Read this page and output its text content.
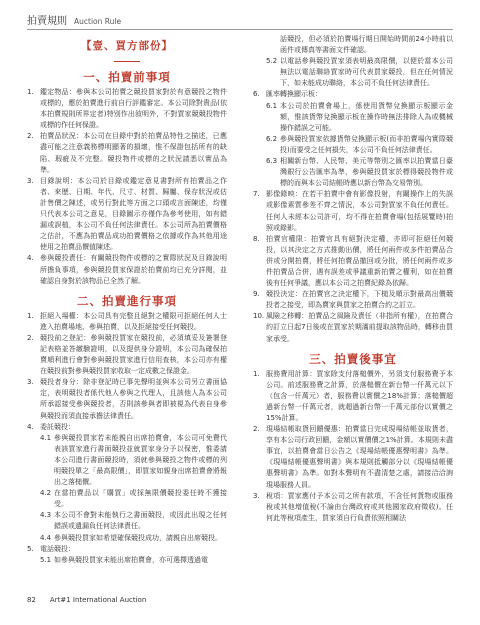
拍賣規則 Auction Rule
【壹、買方部份】

一、拍賣前事項
1. 鑑定物品：參與本公司拍賣之競投買家對於有意競投之物件或標的，應於拍賣進行前自行評鑑審定。本公司除對貴品(依本拍賣規則所界定者)特別作出敘明外，不對買家競競投物件或標的作任何保證。
2. 拍賣品狀況：本公司在目錄中對於拍賣品特性之描述，已應盡可能之注意義務標明顯著的損壞，惟不保證包括所有的缺陷、瑕疵及不完整。競投物件或標的之狀況請悉以實品為準。
3. 目錄說明：本公司於目錄或鑑定意見書對所有拍賣品之作者、來歷、日期、年代、尺寸、材質、歸屬、保存狀況或估計售價之陳述，或另行對此等方面之口頭或言面陳述，均僅只代表本公司之意見，目錄圖示亦僅作為參考使用，如有錯漏或誤植，本公司不負任何法律責任。本公司所為拍賣價格之估計，不應為拍賣品成功拍賣價格之依據或作為其他用途使用之拍賣品價值陳述。
4. 參與競投責任：有關競投物件或標的之實際狀況及目錄說明所擔負事項，參與競投買家保證於拍賣前均已充分詳閱，並確認自身對於該物品已全然了解。
二、拍賣進行事項
1. 拒絕入場權：本公司具有完整且絕對之權限可拒絕任何人士進入拍賣場地、參與拍賣，以及拒絕接受任何競投。
2. 競投前之登記：參與競投買家在競投前，必須填妥及簽署登記表格並答繳驗證明，以及提供身分證明，本公司為確保拍賣順利進行會對參與競投買家進行信用查核，本公司亦有權在競投前對參與競投買家收取一定成數之保證金。
3. 競投者身分：除非登記時已事先聲明並與本公司另立書面協定，表明競投者係代他人參與之代理人，且該他人為本公司所承認接受參與競投者，否則該參與者即被視為代表自身參與競投而須直接承擔法律責任。
4. 委託競投：
4.1 參與競投買家若未能親自出席拍賣會，本公司可免費代表該買家進行書面競投並就買家身分予以保密，惟委請本公司進行書面競投時，須就參與競投之物件或標的列明競投單之「最高限價」，即買家如親身出席拍賣會將報出之落槌價。
4.2 在當拍賣品以「購買」或採無限價競投委任時不獲接受。
4.3 本公司不會對未能執行之書面競投，或因此出現之任何錯誤或遺漏負任何法律責任。
4.4 參與競投買家如希望確保競投成功，請親自出席競投。
5. 電話競投：
5.1 如參與競投買家未能出席拍賣會，亦可選擇透過電
話競投，但必須於拍賣場行期日開始時間前24小時前以函件或傳真等書面文件確認。
5.2 以電話參與競投買家須表明最高限價，以便於當本公司無法以電話聯絡買家時可代表買家競投，但在任何情況下，如未能成功聯絡，本公司不負任何法律責任。
6. 匯率轉換顯示板：
6.1 本公司於拍賣會場上，係使用貨幣兌換顯示板顯示金額，惟該貨幣兌換顯示板在操作時無法排除人為或機械操作錯誤之可能。
6.2 參與競投買家依據貨幣兌換顯示板(而非拍賣場內實際競投)而要受之任何損失，本公司不負任何法律責任。
6.3 相關新台幣、人民幣、美元等幣別之匯率以拍賣當日臺灣銀行公告匯率為準，參與競投買家於標得競投物件或標的而與本公司結帳時應以新台幣為交易幣別。
7. 影像錄映：在若干拍賣中會有影像投射，有關操作上的失誤或影像素質參差不齊之情況，本公司對買家不負任何責任。任何人未經本公司許可，均不得在拍賣會場(包括展覽時)拍照或錄影。
8. 拍賣官權限：拍賣官具有絕對決定權，亦即可拒絕任何競投，以其決定之方式推動出價，將任何兩件或多件拍賣品合併或分開拍賣，將任何拍賣品撤回或分批，將任何兩件或多件拍賣品合併，遇有誤差或爭議重新拍賣之權利，如在拍賣後有任何爭議，應以本公司之拍賣紀錄為依歸。
9. 競投決定：在拍賣官之決定權下，下槌及順示對最高出價競投者之接受，即為賣家與買家之拍賣合約之訂立。
10. 風險之移轉：拍賣品之風險及責任（非指所有權），在拍賣合約訂立日起7日後或在買家於期滿前提取該物品時，轉移由買家承受。
三、拍賣後事宜
1. 服務費用計算：買家除支付落槌價外，另須支付服務費予本公司。前述服務費之計算，於落槌價在新台幣一仟萬元以下（包含一仟萬元）者，服務費以實價之18%計算；落槌價超過新台幣一仟萬元者，就超過新台幣一千萬元部份以實價之15%計算。
2. 現場結帳取貨回饋優惠：拍賣當日完成現場結帳並取貨者，享有本公司行政回饋，金額以實價價之1%計算。本規則未盡事宜，以拍賣會當日公告之《現場結帳優惠聲明書》為準。《現場結帳優惠聲明書》與本規則抵觸部分以《現場結帳優惠聲明書》為準。如對本聲明有不盡清楚之處，請接洽洽詢現場服務人員。
3. 稅項：買家應付予本公司之所有款項，不含任何貨物或服務稅或其他增值稅(不論由台灣政府或其他國家政府徵收)。任何此等稅項產生，買家須自行負責依照相關法
82 Art#1 International Auction
